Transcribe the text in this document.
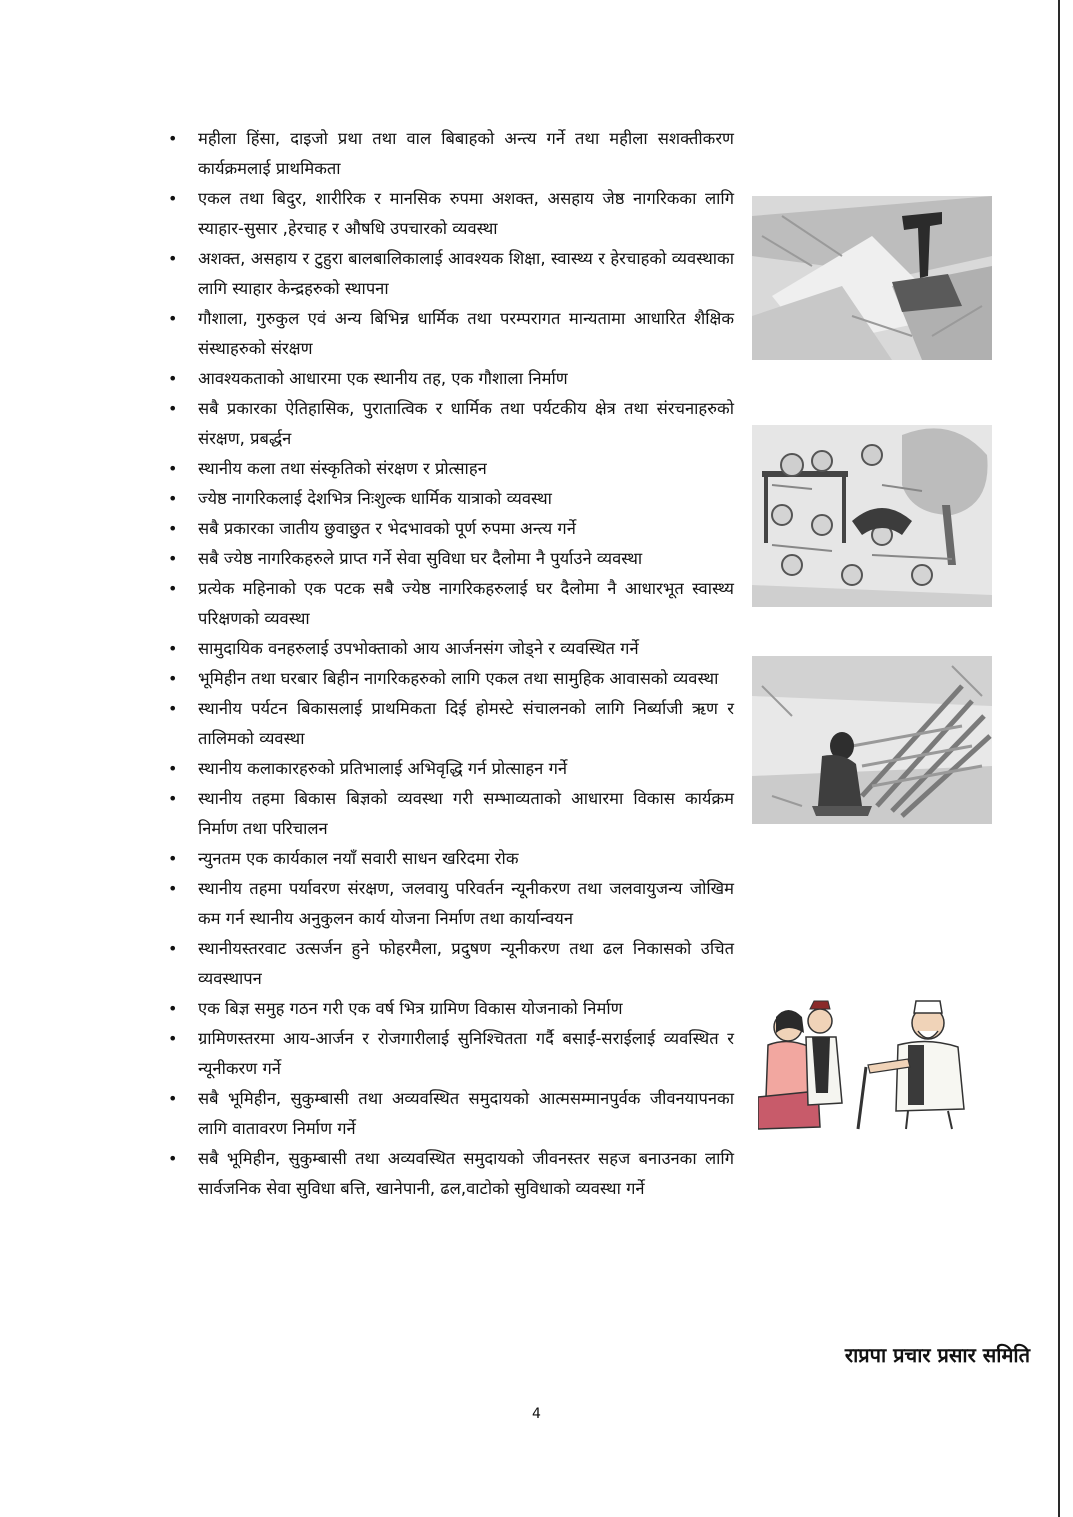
• महीला हिंसा, दाइजो प्रथा तथा वाल बिबाहको अन्त्य गर्ने तथा महीला सशक्तीकरण कार्यक्रमलाई प्राथमिकता
• एकल तथा बिदुर, शारीरिक र मानसिक रुपमा अशक्त, असहाय जेष्ठ नागरिकका लागि स्याहार-सुसार ,हेरचाह र औषधि उपचारको व्यवस्था
• अशक्त, असहाय र टुहुरा बालबालिकालाई आवश्यक शिक्षा, स्वास्थ्य र हेरचाहको व्यवस्थाका लागि स्याहार केन्द्रहरुको स्थापना
• गौशाला, गुरुकुल एवं अन्य बिभिन्न धार्मिक तथा परम्परागत मान्यतामा आधारित शैक्षिक संस्थाहरुको संरक्षण
• आवश्यकताको आधारमा एक स्थानीय तह, एक गौशाला निर्माण
• सबै प्रकारका ऐतिहासिक, पुरातात्विक र धार्मिक तथा पर्यटकीय क्षेत्र तथा संरचनाहरुको संरक्षण, प्रबर्द्धन
• स्थानीय कला तथा संस्कृतिको संरक्षण र प्रोत्साहन
• ज्येष्ठ नागरिकलाई देशभित्र निःशुल्क धार्मिक यात्राको व्यवस्था
• सबै प्रकारका जातीय छुवाछुत र भेदभावको पूर्ण रुपमा अन्त्य गर्ने
• सबै ज्येष्ठ नागरिकहरुले प्राप्त गर्ने सेवा सुविधा घर दैलोमा नै पुर्याउने व्यवस्था
• प्रत्येक महिनाको एक पटक सबै ज्येष्ठ नागरिकहरुलाई घर दैलोमा नै आधारभूत स्वास्थ्य परिक्षणको व्यवस्था
• सामुदायिक वनहरुलाई उपभोक्ताको आय आर्जनसंग जोड्ने र व्यवस्थित गर्ने
• भूमिहीन तथा घरबार बिहीन नागरिकहरुको लागि एकल तथा सामुहिक आवासको व्यवस्था
• स्थानीय पर्यटन बिकासलाई प्राथमिकता दिई होमस्टे संचालनको लागि निर्ब्याजी ऋण र तालिमको व्यवस्था
• स्थानीय कलाकारहरुको प्रतिभालाई अभिवृद्धि गर्न प्रोत्साहन गर्ने
• स्थानीय तहमा बिकास बिज्ञको व्यवस्था गरी सम्भाव्यताको आधारमा विकास कार्यक्रम निर्माण तथा परिचालन
• न्युनतम एक कार्यकाल नयाँ सवारी साधन खरिदमा रोक
• स्थानीय तहमा पर्यावरण संरक्षण, जलवायु परिवर्तन न्यूनीकरण तथा जलवायुजन्य जोखिम कम गर्न स्थानीय अनुकुलन कार्य योजना निर्माण तथा कार्यान्वयन
• स्थानीयस्तरवाट उत्सर्जन हुने फोहरमैला, प्रदुषण न्यूनीकरण तथा ढल निकासको उचित व्यवस्थापन
• एक बिज्ञ समुह गठन गरी एक वर्ष भित्र ग्रामिण विकास योजनाको निर्माण
• ग्रामिणस्तरमा आय-आर्जन र रोजगारीलाई सुनिश्चितता गर्दै बसाईं-सराईलाई व्यवस्थित र न्यूनीकरण गर्ने
• सबै भूमिहीन, सुकुम्बासी तथा अव्यवस्थित समुदायको आत्मसम्मानपुर्वक जीवनयापनका लागि वातावरण निर्माण गर्ने
• सबै भूमिहीन, सुकुम्बासी तथा अव्यवस्थित समुदायको जीवनस्तर सहज बनाउनका लागि सार्वजनिक सेवा सुविधा बत्ति, खानेपानी, ढल,वाटोको सुविधाको व्यवस्था गर्ने
राप्रपा प्रचार प्रसार समिति
4
